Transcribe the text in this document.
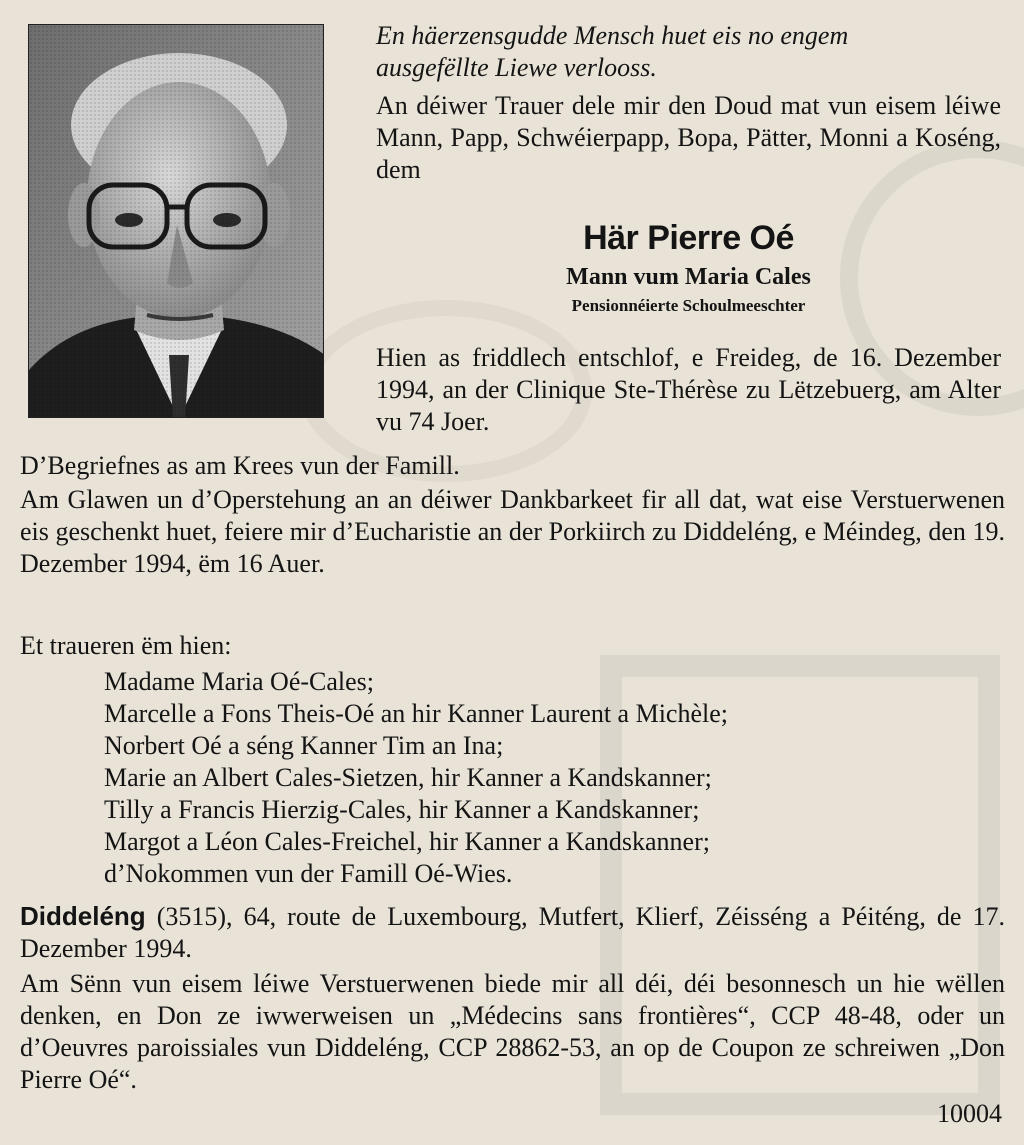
En häerzensgudde Mensch huet eis no engem

ausgefëllte Liewe verlooss.

An déiwer Trauer dele mir den Doud mat vun eisem léiwe Mann, Papp, Schwéierpapp, Bopa, Pätter, Monni a Koséng, dem

Här Pierre Oé
Mann vum Maria Cales
Pensionnéierte Schoulmeeschter

Hien as friddlech entschlof, e Freideg, de 16. Dezember 1994, an der Clinique Ste-Thérèse zu Lëtzebuerg, am Alter vu 74 Joer.

D’Begriefnes as am Krees vun der Famill.

Am Glawen un d’Operstehung an an déiwer Dankbarkeet fir all dat, wat eise Verstuerwenen eis geschenkt huet, feiere mir d’Eucharistie an der Porkiirch zu Diddeléng, e Méindeg, den 19. Dezember 1994, ëm 16 Auer.

Et traueren ëm hien:

Madame Maria Oé-Cales;
Marcelle a Fons Theis-Oé an hir Kanner Laurent a Michèle;
Norbert Oé a séng Kanner Tim an Ina;
Marie an Albert Cales-Sietzen, hir Kanner a Kandskanner;
Tilly a Francis Hierzig-Cales, hir Kanner a Kandskanner;
Margot a Léon Cales-Freichel, hir Kanner a Kandskanner;
d’Nokommen vun der Famill Oé-Wies.

Diddeléng (3515), 64, route de Luxembourg, Mutfert, Klierf, Zéisséng a Péiténg, de 17. Dezember 1994.

Am Sënn vun eisem léiwe Verstuerwenen biede mir all déi, déi besonnesch un hie wëllen denken, en Don ze iwwerweisen un „Médecins sans frontières“, CCP 48-48, oder un d’Oeuvres paroissiales vun Diddeléng, CCP 28862-53, an op de Coupon ze schreiwen „Don Pierre Oé“.

10004
